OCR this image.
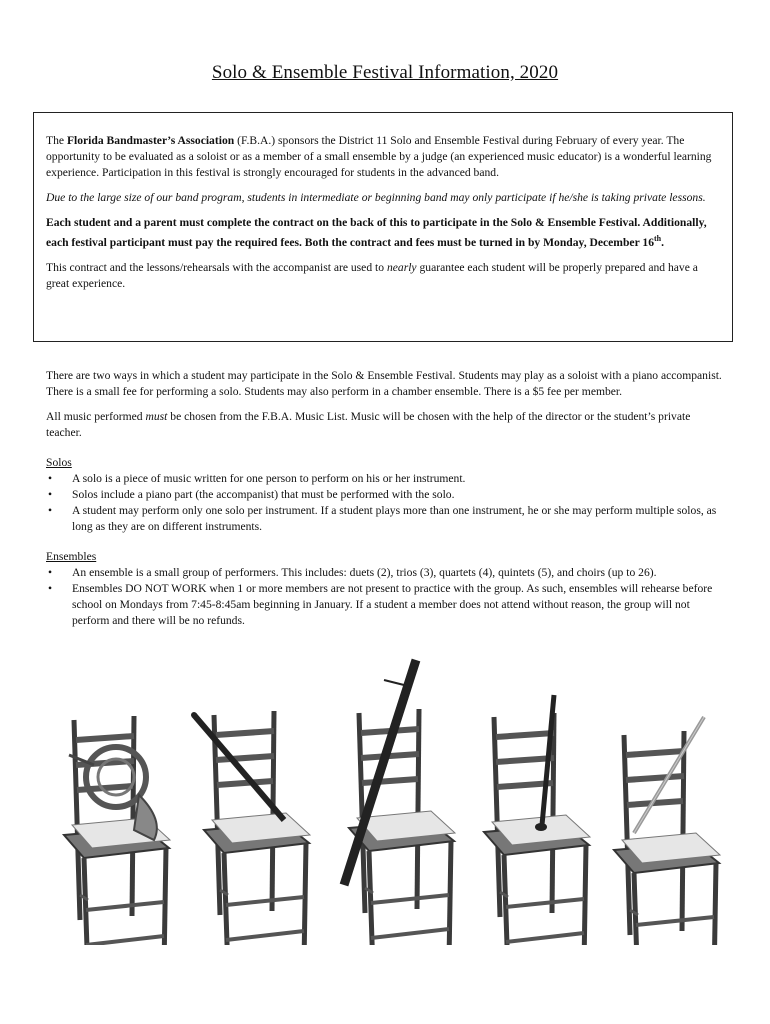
Solo & Ensemble Festival Information, 2020

The Florida Bandmaster’s Association (F.B.A.) sponsors the District 11 Solo and Ensemble Festival during February of every year. The opportunity to be evaluated as a soloist or as a member of a small ensemble by a judge (an experienced music educator) is a wonderful learning experience. Participation in this festival is strongly encouraged for students in the advanced band.

Due to the large size of our band program, students in intermediate or beginning band may only participate if he/she is taking private lessons.

Each student and a parent must complete the contract on the back of this to participate in the Solo & Ensemble Festival. Additionally, each festival participant must pay the required fees. Both the contract and fees must be turned in by Monday, December 16th.

This contract and the lessons/rehearsals with the accompanist are used to nearly guarantee each student will be properly prepared and have a great experience.

There are two ways in which a student may participate in the Solo & Ensemble Festival. Students may play as a soloist with a piano accompanist. There is a small fee for performing a solo. Students may also perform in a chamber ensemble. There is a $5 fee per member.

All music performed must be chosen from the F.B.A. Music List. Music will be chosen with the help of the director or the student’s private teacher.

Solos
• A solo is a piece of music written for one person to perform on his or her instrument.
• Solos include a piano part (the accompanist) that must be performed with the solo.
• A student may perform only one solo per instrument. If a student plays more than one instrument, he or she may perform multiple solos, as long as they are on different instruments.
Ensembles
• An ensemble is a small group of performers. This includes: duets (2), trios (3), quartets (4), quintets (5), and choirs (up to 26).
• Ensembles DO NOT WORK when 1 or more members are not present to practice with the group. As such, ensembles will rehearse before school on Mondays from 7:45-8:45am beginning in January. If a student a member does not attend without reason, the group will not perform and there will be no refunds.
